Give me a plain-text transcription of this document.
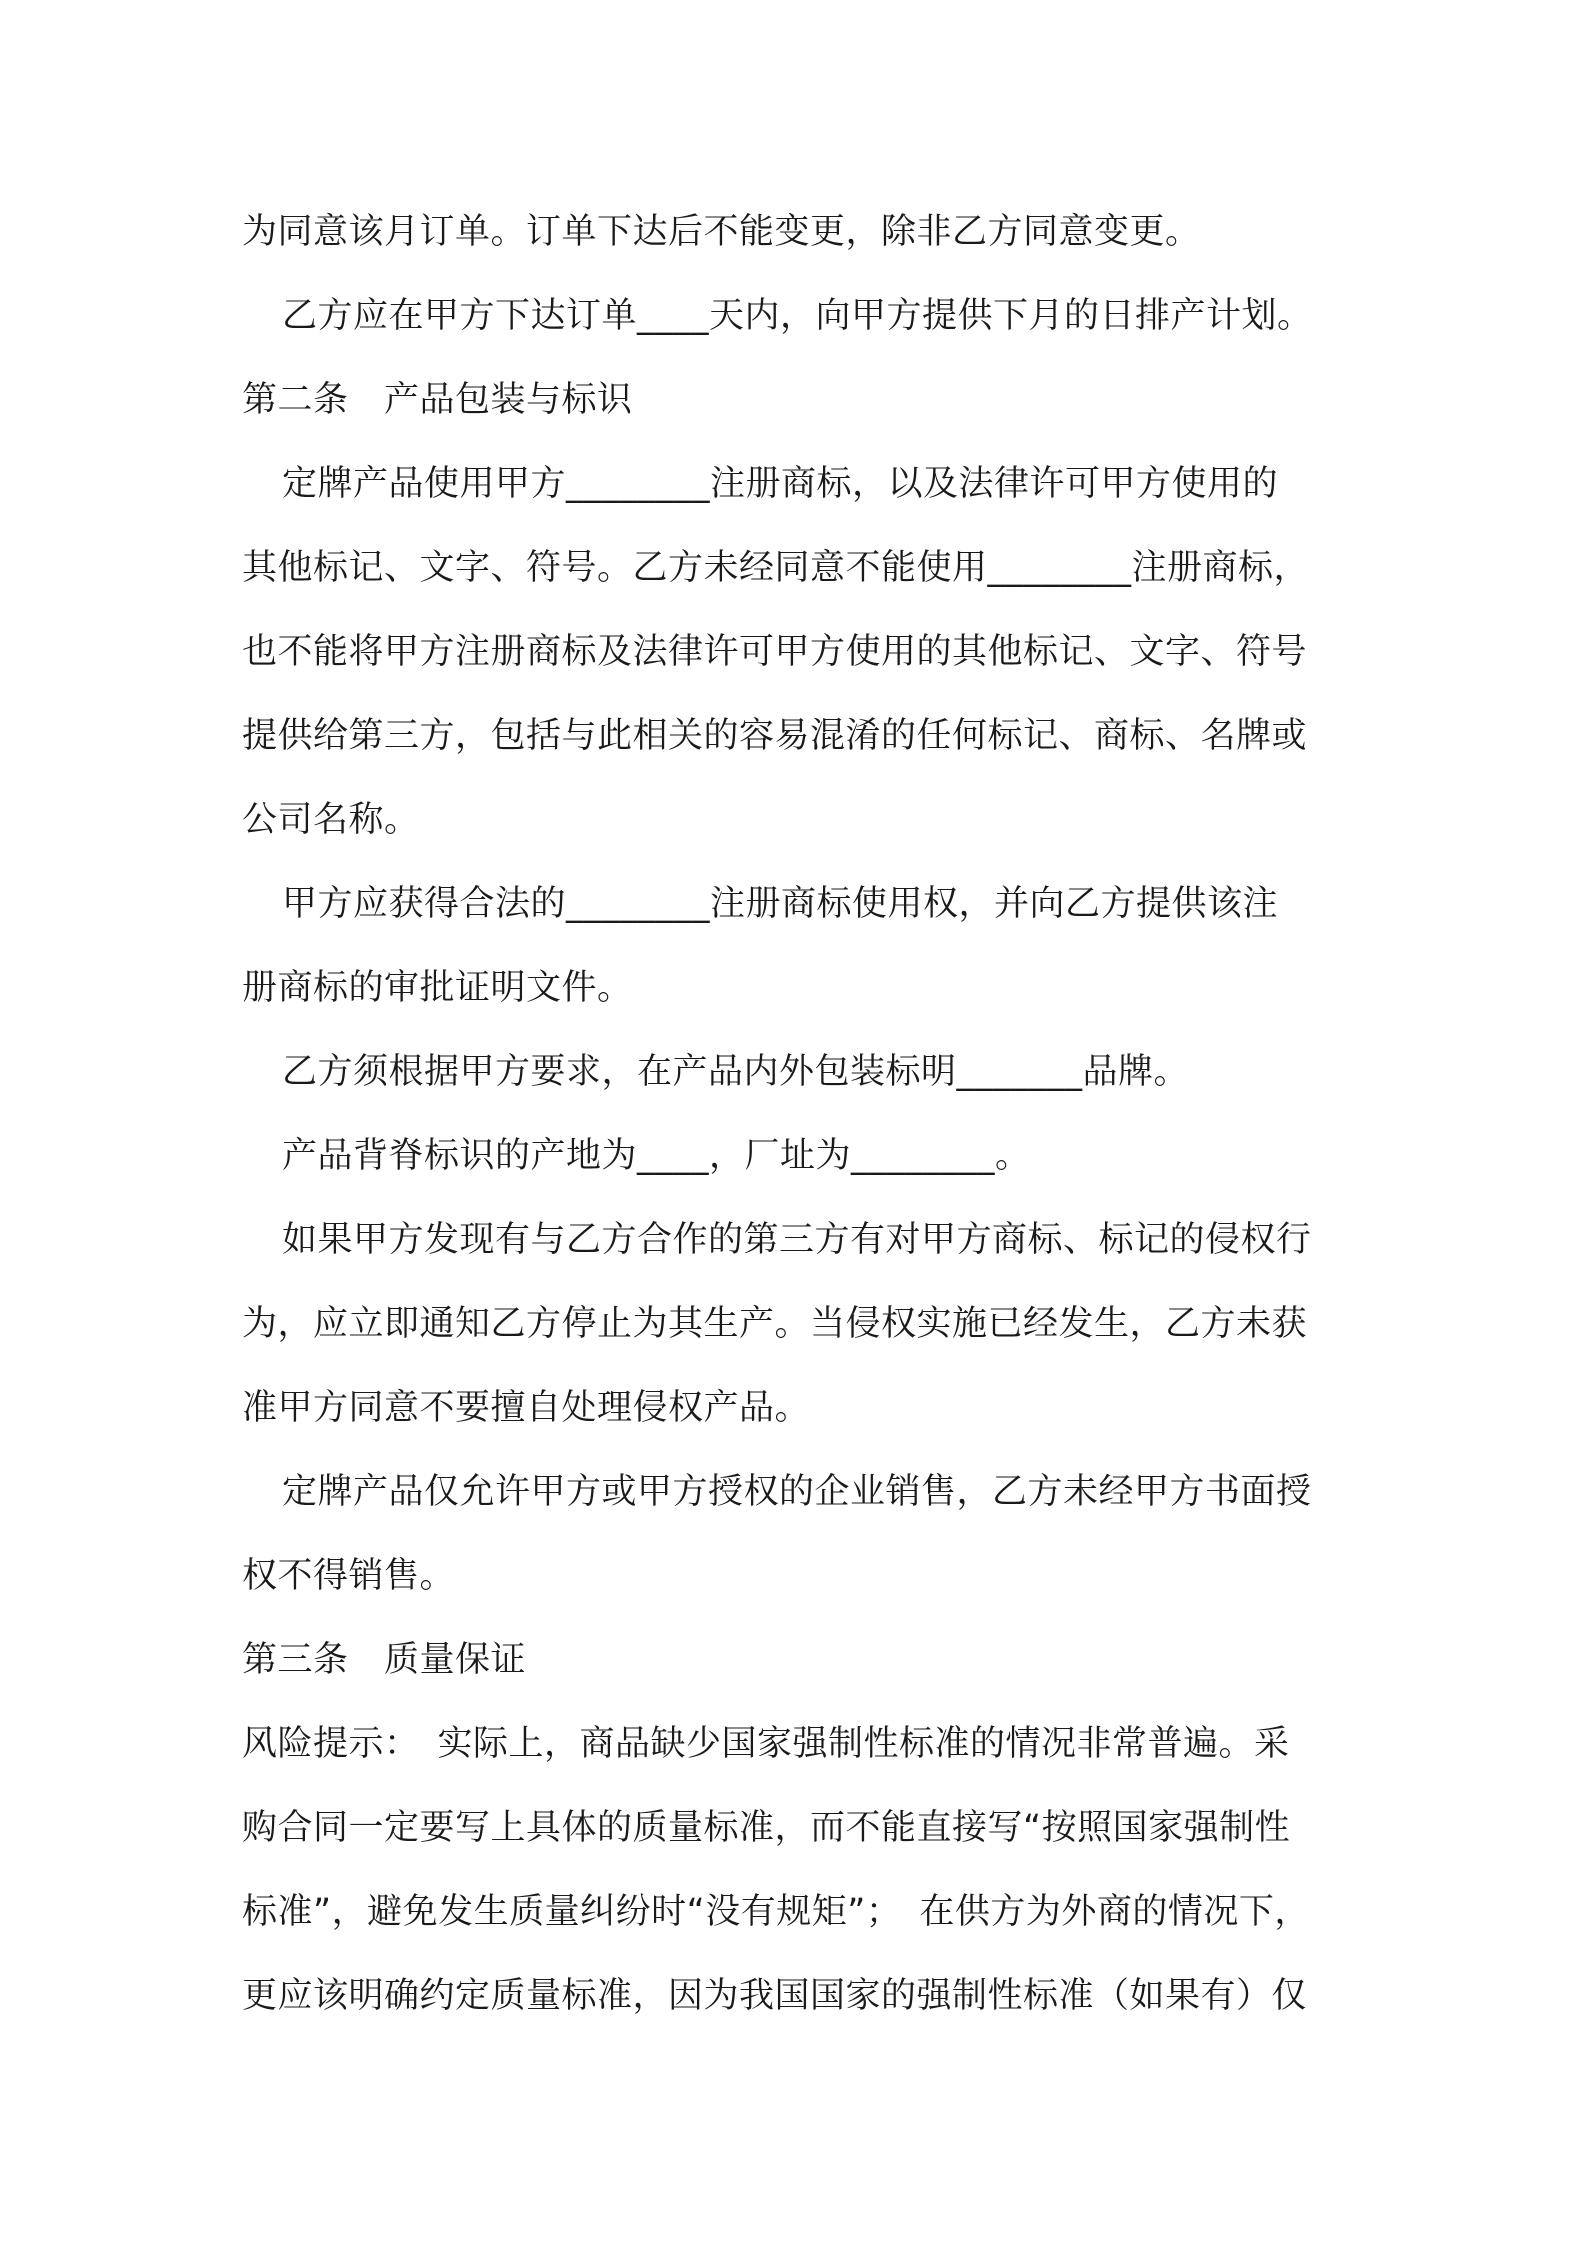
为同意该月订单。订单下达后不能变更，除非乙方同意变更。
乙方应在甲方下达订单____天内，向甲方提供下月的日排产计划。
第二条　产品包装与标识
定牌产品使用甲方________注册商标，以及法律许可甲方使用的
其他标记、文字、符号。乙方未经同意不能使用________注册商标，
也不能将甲方注册商标及法律许可甲方使用的其他标记、文字、符号
提供给第三方，包括与此相关的容易混淆的任何标记、商标、名牌或
公司名称。
甲方应获得合法的________注册商标使用权，并向乙方提供该注
册商标的审批证明文件。
乙方须根据甲方要求，在产品内外包装标明_______品牌。
产品背脊标识的产地为____，厂址为________。
如果甲方发现有与乙方合作的第三方有对甲方商标、标记的侵权行
为，应立即通知乙方停止为其生产。当侵权实施已经发生，乙方未获
准甲方同意不要擅自处理侵权产品。
定牌产品仅允许甲方或甲方授权的企业销售，乙方未经甲方书面授
权不得销售。
第三条　质量保证
风险提示：　实际上，商品缺少国家强制性标准的情况非常普遍。采
购合同一定要写上具体的质量标准，而不能直接写“按照国家强制性
标准”，避免发生质量纠纷时“没有规矩”；　在供方为外商的情况下，
更应该明确约定质量标准，因为我国国家的强制性标准（如果有）仅
